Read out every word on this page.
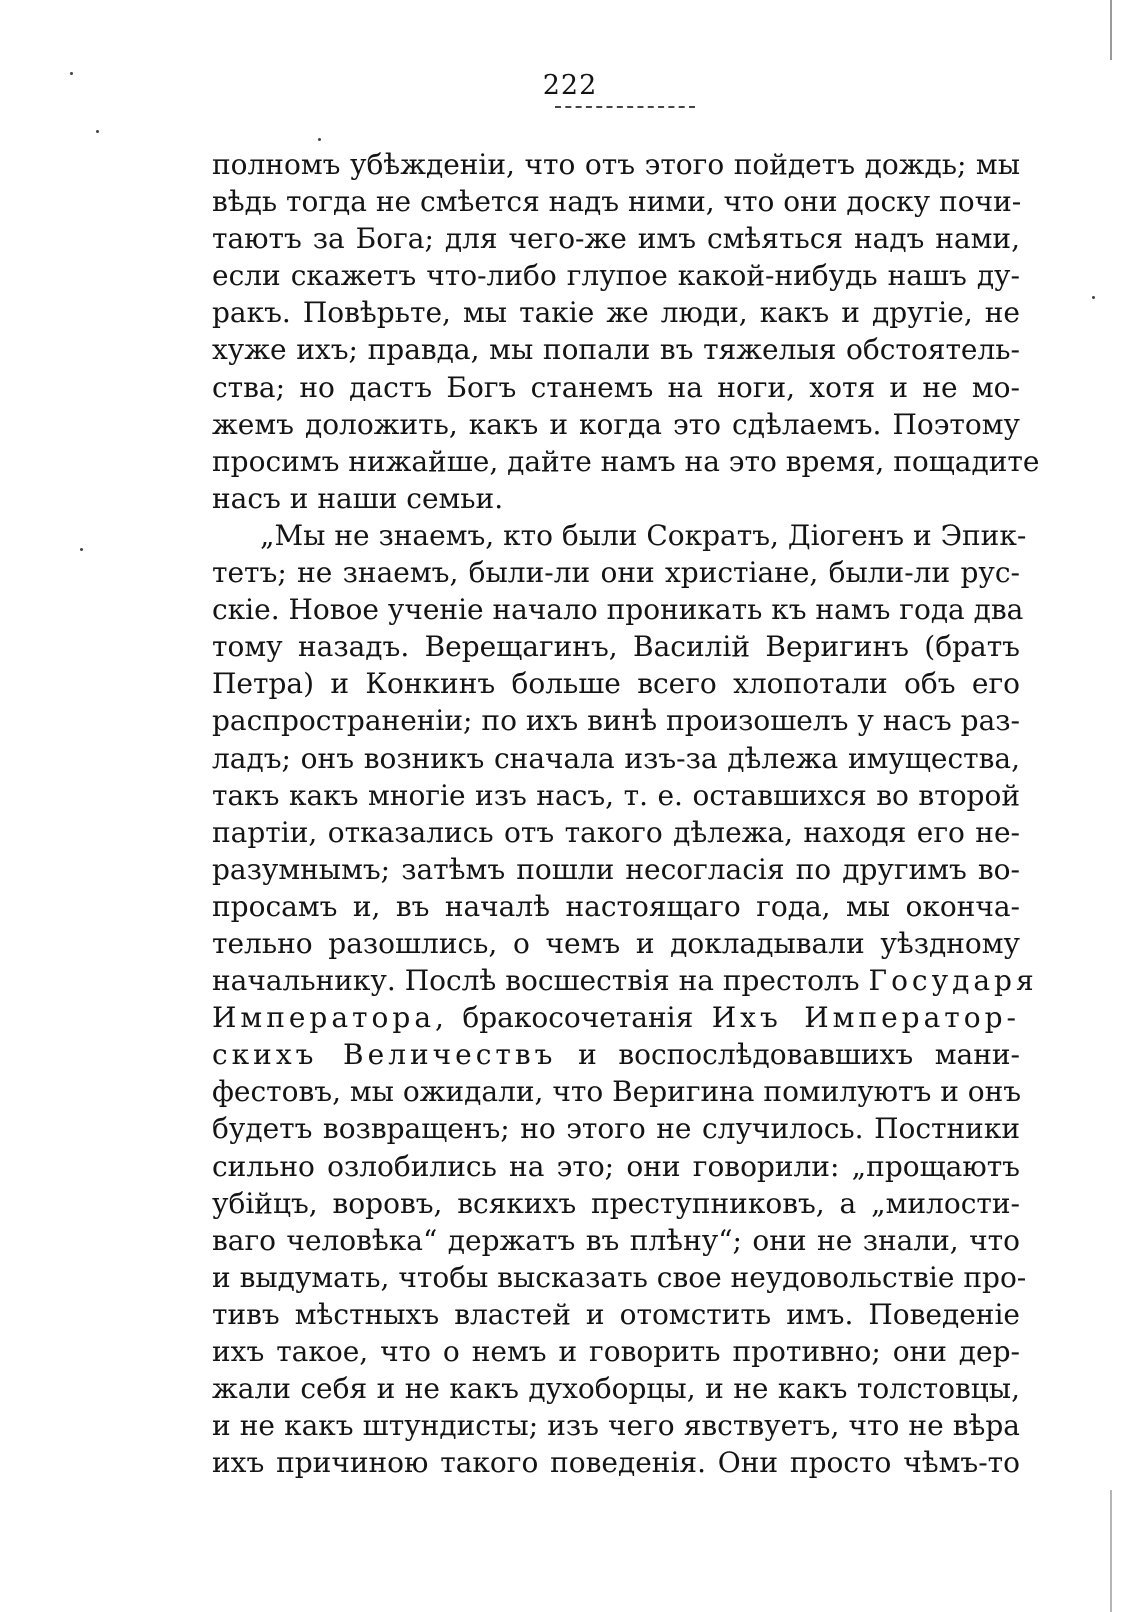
222
полномъ убѣжденіи, что отъ этого пойдетъ дождь; мы
вѣдь тогда не смѣется надъ ними, что они доску почи-
таютъ за Бога; для чего-же имъ смѣяться надъ нами,
если скажетъ что-либо глупое какой-нибудь нашъ ду-
ракъ. Повѣрьте, мы такіе же люди, какъ и другіе, не
хуже ихъ; правда, мы попали въ тяжелыя обстоятель-
ства; но дастъ Богъ станемъ на ноги, хотя и не мо-
жемъ доложить, какъ и когда это сдѣлаемъ. Поэтому
просимъ нижайше, дайте намъ на это время, пощадите
насъ и наши семьи.
„Мы не знаемъ, кто были Сократъ, Діогенъ и Эпик-
тетъ; не знаемъ, были-ли они христіане, были-ли рус-
скіе. Новое ученіе начало проникать къ намъ года два
тому назадъ. Верещагинъ, Василій Веригинъ (братъ
Петра) и Конкинъ больше всего хлопотали объ его
распространеніи; по ихъ винѣ произошелъ у насъ раз-
ладъ; онъ возникъ сначала изъ-за дѣлежа имущества,
такъ какъ многіе изъ насъ, т. е. оставшихся во второй
партіи, отказались отъ такого дѣлежа, находя его не-
разумнымъ; затѣмъ пошли несогласія по другимъ во-
просамъ и, въ началѣ настоящаго года, мы оконча-
тельно разошлись, о чемъ и докладывали уѣздному
начальнику. Послѣ восшествія на престолъ Государя
Императора, бракосочетанія Ихъ Император-
скихъ Величествъ и воспослѣдовавшихъ мани-
фестовъ, мы ожидали, что Веригина помилуютъ и онъ
будетъ возвращенъ; но этого не случилось. Постники
сильно озлобились на это; они говорили: „прощаютъ
убійцъ, воровъ, всякихъ преступниковъ, а „милости-
ваго человѣка“ держатъ въ плѣну“; они не знали, что
и выдумать, чтобы высказать свое неудовольствіе про-
тивъ мѣстныхъ властей и отомстить имъ. Поведеніе
ихъ такое, что о немъ и говорить противно; они дер-
жали себя и не какъ духоборцы, и не какъ толстовцы,
и не какъ штундисты; изъ чего явствуетъ, что не вѣра
ихъ причиною такого поведенія. Они просто чѣмъ-то
